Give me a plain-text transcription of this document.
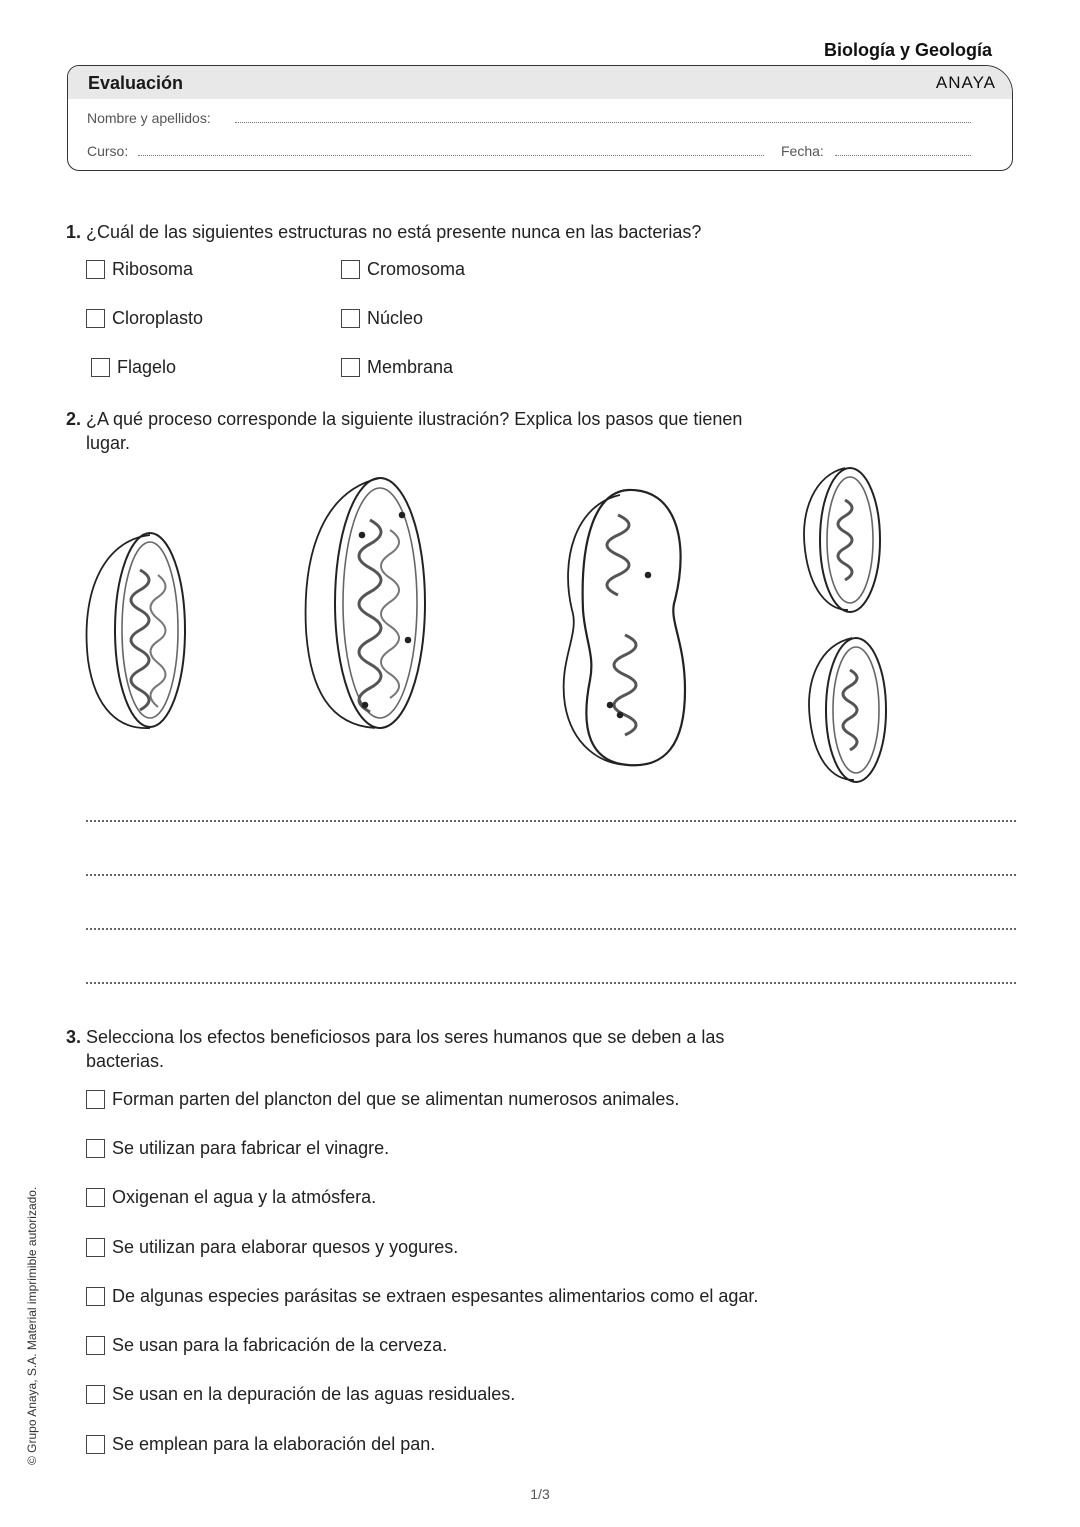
Biología y Geología
Evaluación	ANAYA
Nombre y apellidos:
Curso:	Fecha:
1. ¿Cuál de las siguientes estructuras no está presente nunca en las bacterias?
Ribosoma	Cromosoma
Cloroplasto	Núcleo
Flagelo	Membrana
2. ¿A qué proceso corresponde la siguiente ilustración? Explica los pasos que tienen
lugar.
3. Selecciona los efectos beneficiosos para los seres humanos que se deben a las
bacterias.
Forman parten del plancton del que se alimentan numerosos animales.
Se utilizan para fabricar el vinagre.
Oxigenan el agua y la atmósfera.
Se utilizan para elaborar quesos y yogures.
De algunas especies parásitas se extraen espesantes alimentarios como el agar.
Se usan para la fabricación de la cerveza.
Se usan en la depuración de las aguas residuales.
Se emplean para la elaboración del pan.
© Grupo Anaya, S.A. Material imprimible autorizado.
1/3
